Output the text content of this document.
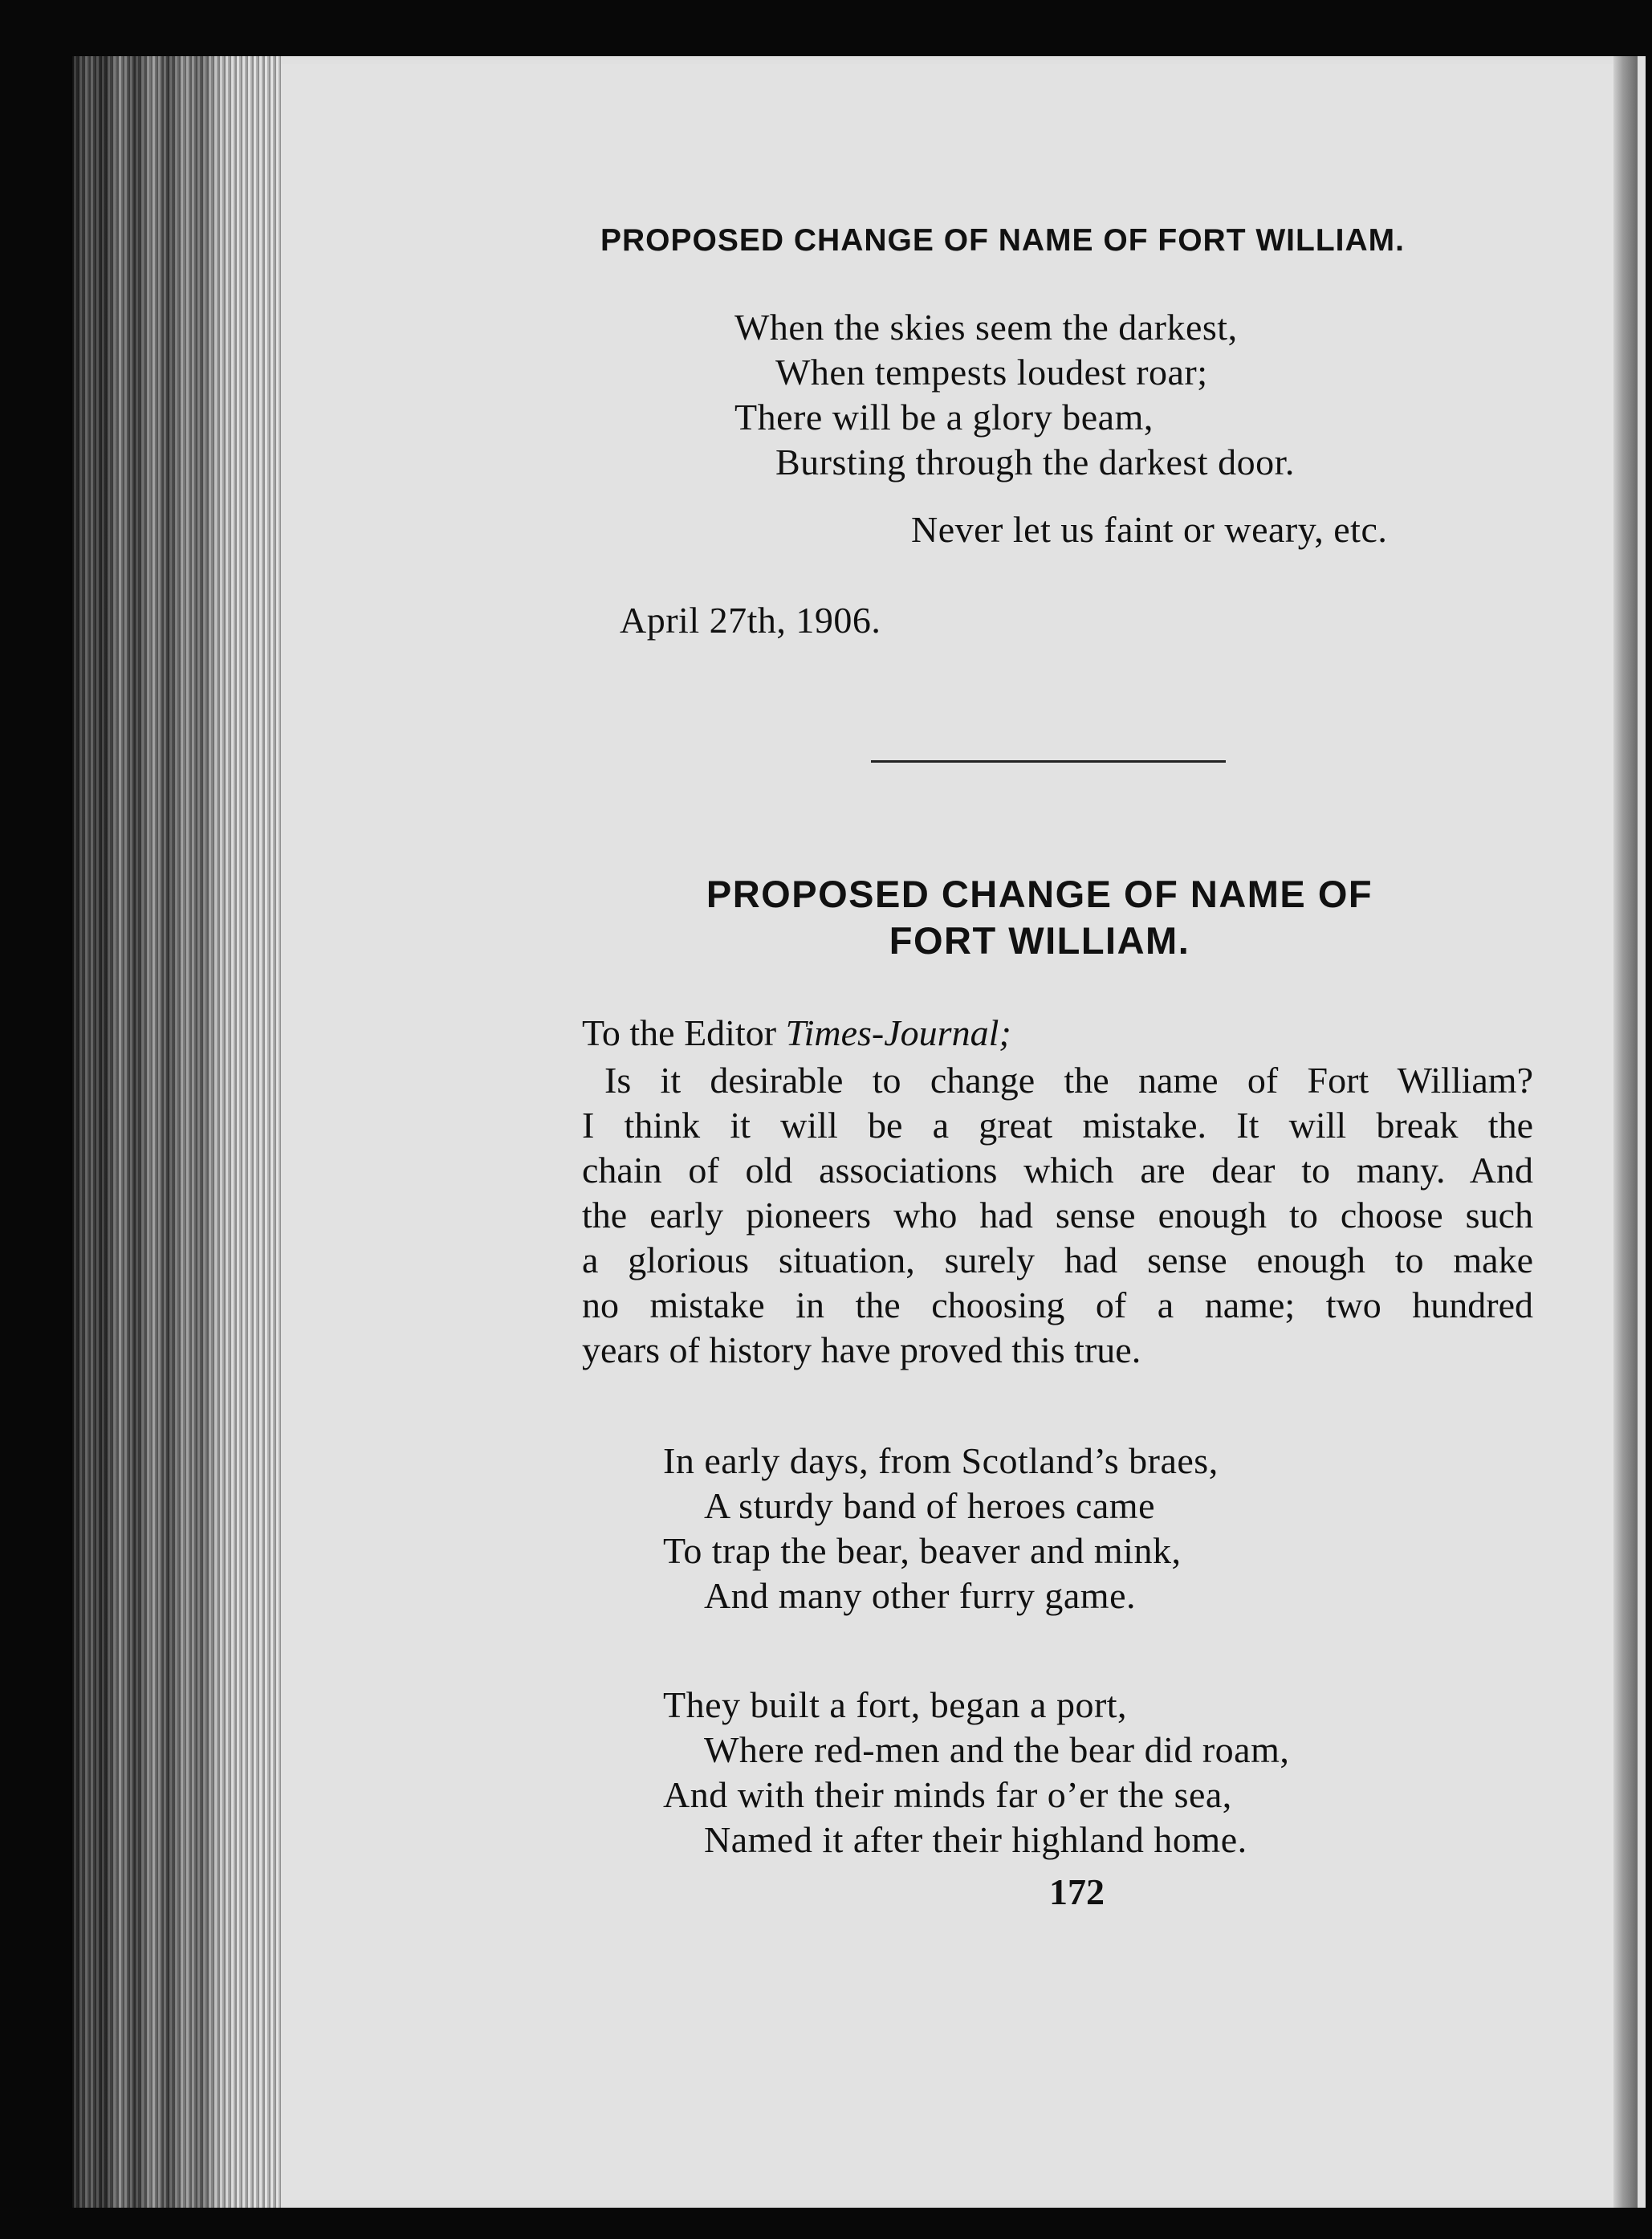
PROPOSED CHANGE OF NAME OF FORT WILLIAM.

When the skies seem the darkest,

When tempests loudest roar;

There will be a glory beam,

Bursting through the darkest door.

Never let us faint or weary, etc.

April 27th, 1906.

PROPOSED CHANGE OF NAME OF
FORT WILLIAM.

To the Editor Times-Journal;

Is it desirable to change the name of Fort William?
I think it will be a great mistake. It will break the
chain of old associations which are dear to many. And
the early pioneers who had sense enough to choose such
a glorious situation, surely had sense enough to make
no mistake in the choosing of a name; two hundred
years of history have proved this true.

In early days, from Scotland’s braes,

A sturdy band of heroes came

To trap the bear, beaver and mink,

And many other furry game.

They built a fort, began a port,

Where red-men and the bear did roam,

And with their minds far o’er the sea,

Named it after their highland home.

172
